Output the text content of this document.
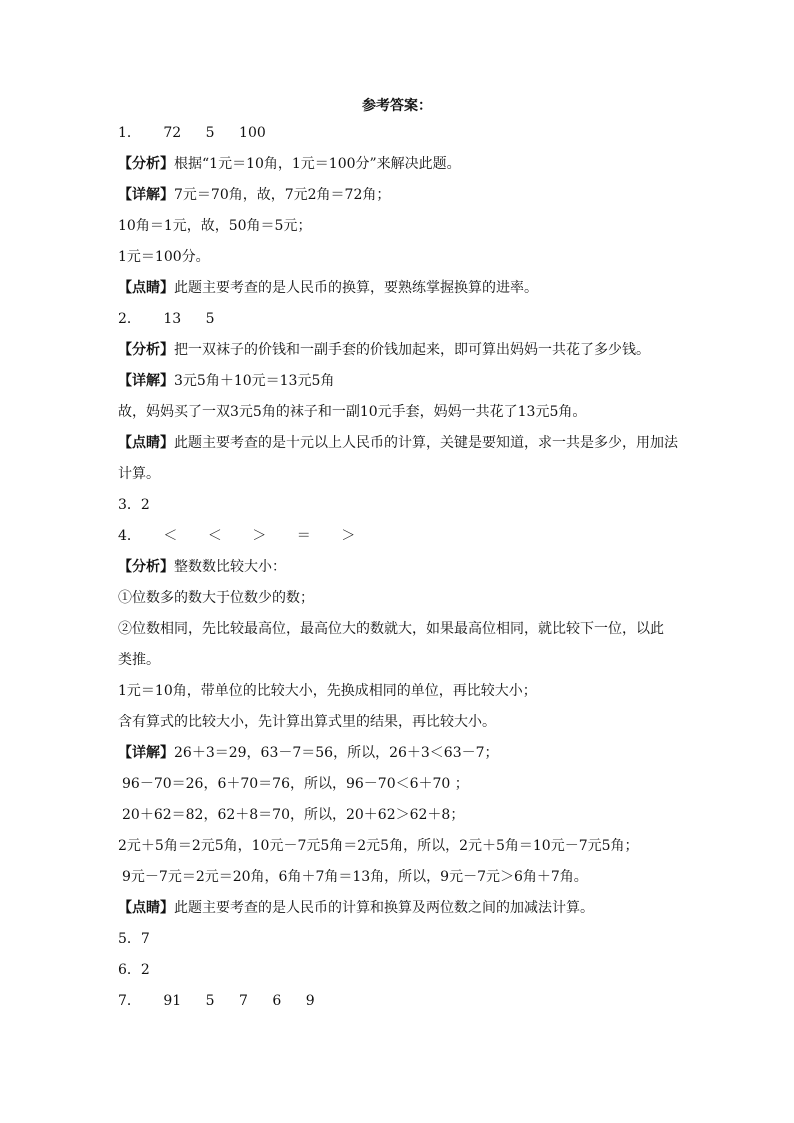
参考答案：
1． 72 5 100
【分析】根据“1元＝10角，1元＝100分”来解决此题。
【详解】7元＝70角，故，7元2角＝72角；
10角＝1元，故，50角＝5元；
1元＝100分。
【点睛】此题主要考查的是人民币的换算，要熟练掌握换算的进率。
2． 13 5
【分析】把一双袜子的价钱和一副手套的价钱加起来，即可算出妈妈一共花了多少钱。
【详解】3元5角＋10元＝13元5角
故，妈妈买了一双3元5角的袜子和一副10元手套，妈妈一共花了13元5角。
【点睛】此题主要考查的是十元以上人民币的计算，关键是要知道，求一共是多少，用加法
计算。
3．2
4． ＜ ＜ ＞ ＝ ＞
【分析】整数数比较大小：
①位数多的数大于位数少的数；
②位数相同，先比较最高位，最高位大的数就大，如果最高位相同，就比较下一位，以此
类推。
1元＝10角，带单位的比较大小，先换成相同的单位，再比较大小；
含有算式的比较大小，先计算出算式里的结果，再比较大小。
【详解】26＋3＝29，63－7＝56，所以，26＋3＜63－7；
96－70＝26，6＋70＝76，所以，96－70＜6＋70 ；
20＋62＝82，62＋8＝70，所以，20＋62＞62＋8；
2元＋5角＝2元5角，10元－7元5角＝2元5角，所以，2元＋5角＝10元－7元5角；
9元－7元＝2元＝20角，6角＋7角＝13角，所以，9元－7元＞6角＋7角。
【点睛】此题主要考查的是人民币的计算和换算及两位数之间的加减法计算。
5．7
6．2
7． 91 5 7 6 9
